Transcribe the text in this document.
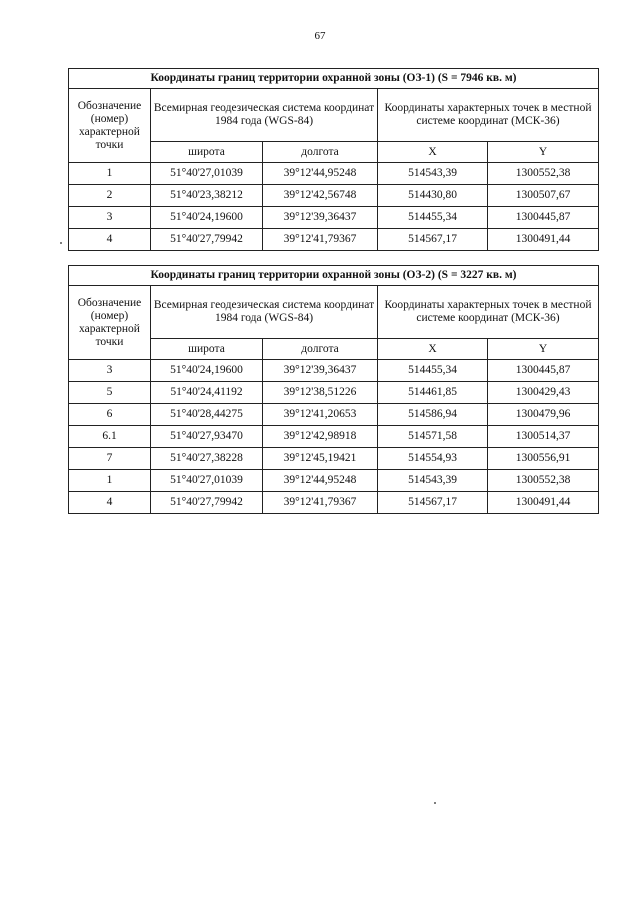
67
Координаты границ территории охранной зоны (ОЗ-1) (S = 7946 кв. м)				
Обозначение (номер) характерной точки	Всемирная геодезическая система координат 1984 года (WGS-84)		Координаты характерных точек в местной системе координат (МСК-36)	
	широта	долгота	X	Y
1	51°40'27,01039	39°12'44,95248	514543,39	1300552,38
2	51°40'23,38212	39°12'42,56748	514430,80	1300507,67
3	51°40'24,19600	39°12'39,36437	514455,34	1300445,87
4	51°40'27,79942	39°12'41,79367	514567,17	1300491,44
Координаты границ территории охранной зоны (ОЗ-2) (S = 3227 кв. м)				
Обозначение (номер) характерной точки	Всемирная геодезическая система координат 1984 года (WGS-84)		Координаты характерных точек в местной системе координат (МСК-36)	
	широта	долгота	X	Y
3	51°40'24,19600	39°12'39,36437	514455,34	1300445,87
5	51°40'24,41192	39°12'38,51226	514461,85	1300429,43
6	51°40'28,44275	39°12'41,20653	514586,94	1300479,96
6.1	51°40'27,93470	39°12'42,98918	514571,58	1300514,37
7	51°40'27,38228	39°12'45,19421	514554,93	1300556,91
1	51°40'27,01039	39°12'44,95248	514543,39	1300552,38
4	51°40'27,79942	39°12'41,79367	514567,17	1300491,44
